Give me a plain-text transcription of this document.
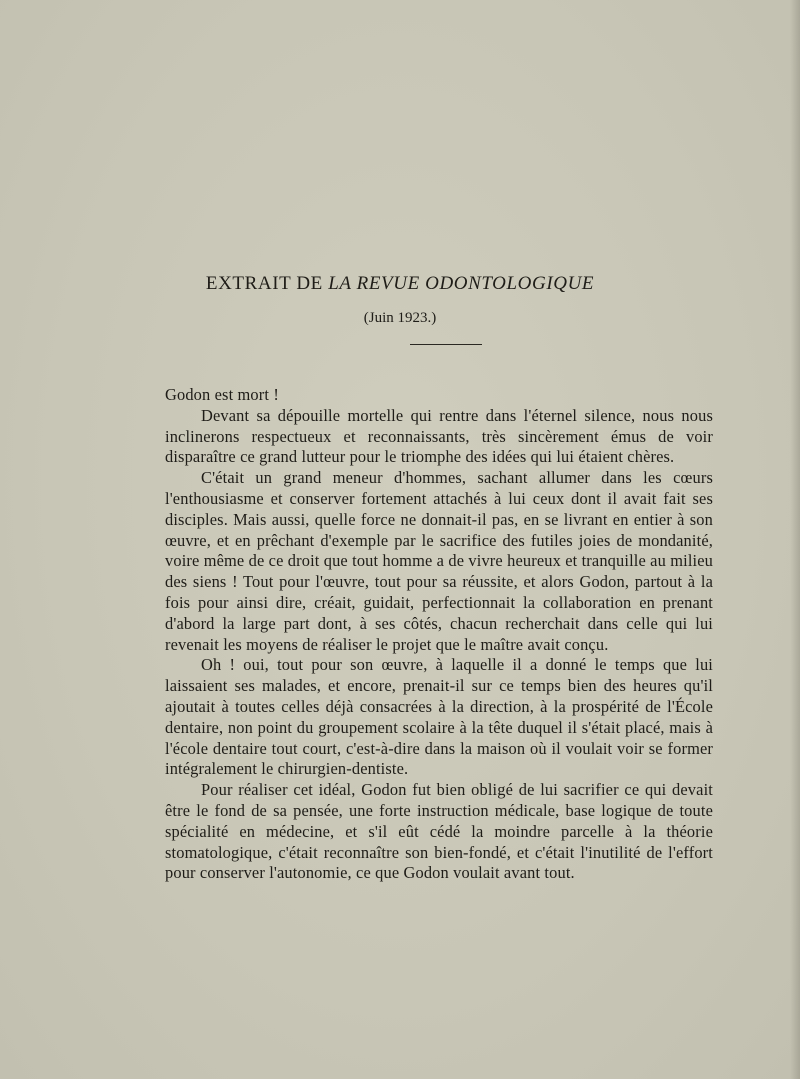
EXTRAIT DE LA REVUE ODONTOLOGIQUE
(Juin 1923.)

Godon est mort !

Devant sa dépouille mortelle qui rentre dans l'éternel silence, nous nous inclinerons respectueux et reconnaissants, très sincèrement émus de voir disparaître ce grand lutteur pour le triomphe des idées qui lui étaient chères.

C'était un grand meneur d'hommes, sachant allumer dans les cœurs l'enthousiasme et conserver fortement attachés à lui ceux dont il avait fait ses disciples. Mais aussi, quelle force ne donnait-il pas, en se livrant en entier à son œuvre, et en prêchant d'exemple par le sacrifice des futiles joies de mondanité, voire même de ce droit que tout homme a de vivre heureux et tranquille au milieu des siens ! Tout pour l'œuvre, tout pour sa réussite, et alors Godon, partout à la fois pour ainsi dire, créait, guidait, perfectionnait la collaboration en prenant d'abord la large part dont, à ses côtés, chacun recherchait dans celle qui lui revenait les moyens de réaliser le projet que le maître avait conçu.

Oh ! oui, tout pour son œuvre, à laquelle il a donné le temps que lui laissaient ses malades, et encore, prenait-il sur ce temps bien des heures qu'il ajoutait à toutes celles déjà consacrées à la direction, à la prospérité de l'École dentaire, non point du groupement scolaire à la tête duquel il s'était placé, mais à l'école dentaire tout court, c'est-à-dire dans la maison où il voulait voir se former intégralement le chirurgien-dentiste.

Pour réaliser cet idéal, Godon fut bien obligé de lui sacrifier ce qui devait être le fond de sa pensée, une forte instruction médicale, base logique de toute spécialité en médecine, et s'il eût cédé la moindre parcelle à la théorie stomatologique, c'était reconnaître son bien-fondé, et c'était l'inutilité de l'effort pour conserver l'autonomie, ce que Godon voulait avant tout.
